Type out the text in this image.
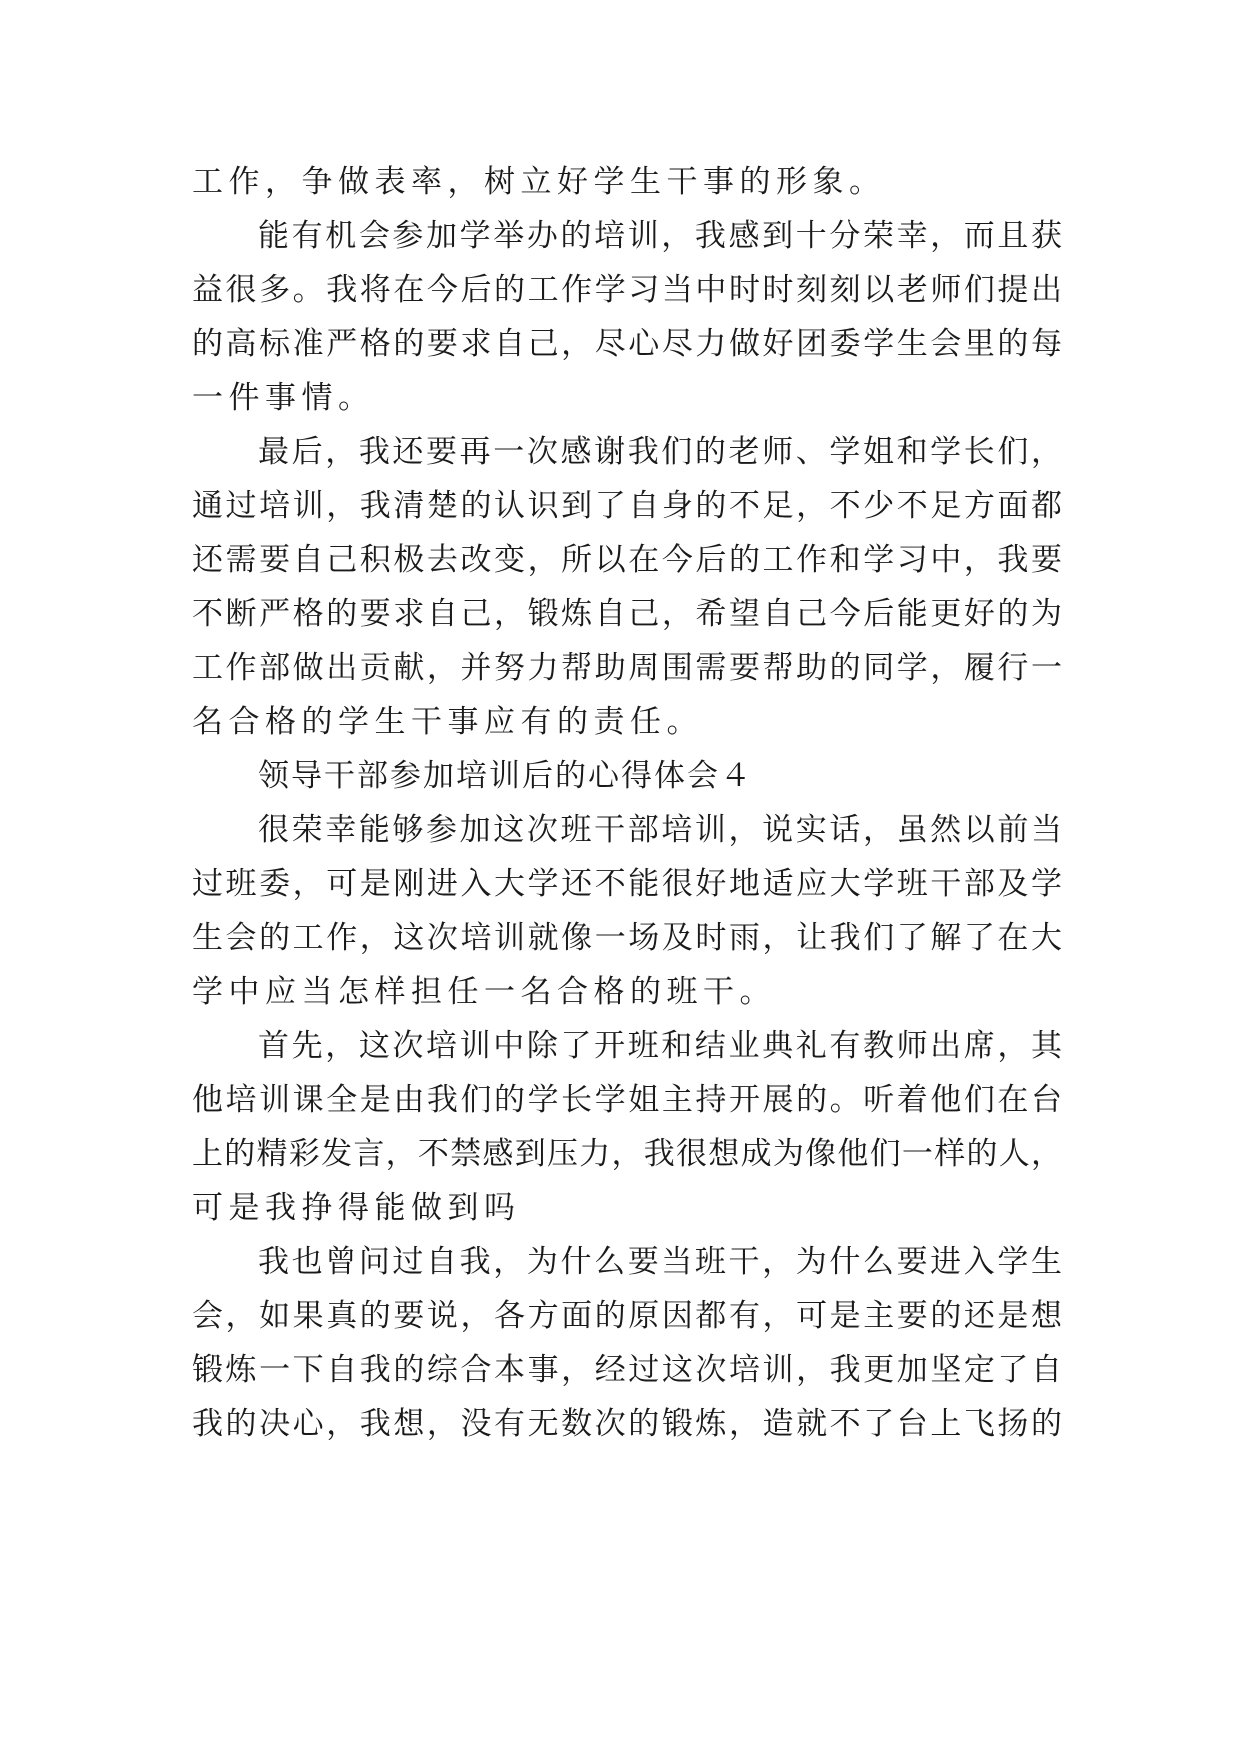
工作，争做表率，树立好学生干事的形象。
能有机会参加学举办的培训，我感到十分荣幸，而且获
益很多。我将在今后的工作学习当中时时刻刻以老师们提出
的高标准严格的要求自己，尽心尽力做好团委学生会里的每
一件事情。
最后，我还要再一次感谢我们的老师、学姐和学长们，
通过培训，我清楚的认识到了自身的不足，不少不足方面都
还需要自己积极去改变，所以在今后的工作和学习中，我要
不断严格的要求自己，锻炼自己，希望自己今后能更好的为
工作部做出贡献，并努力帮助周围需要帮助的同学，履行一
名合格的学生干事应有的责任。
领导干部参加培训后的心得体会４
很荣幸能够参加这次班干部培训，说实话，虽然以前当
过班委，可是刚进入大学还不能很好地适应大学班干部及学
生会的工作，这次培训就像一场及时雨，让我们了解了在大
学中应当怎样担任一名合格的班干。
首先，这次培训中除了开班和结业典礼有教师出席，其
他培训课全是由我们的学长学姐主持开展的。听着他们在台
上的精彩发言，不禁感到压力，我很想成为像他们一样的人，
可是我挣得能做到吗
我也曾问过自我，为什么要当班干，为什么要进入学生
会，如果真的要说，各方面的原因都有，可是主要的还是想
锻炼一下自我的综合本事，经过这次培训，我更加坚定了自
我的决心，我想，没有无数次的锻炼，造就不了台上飞扬的
